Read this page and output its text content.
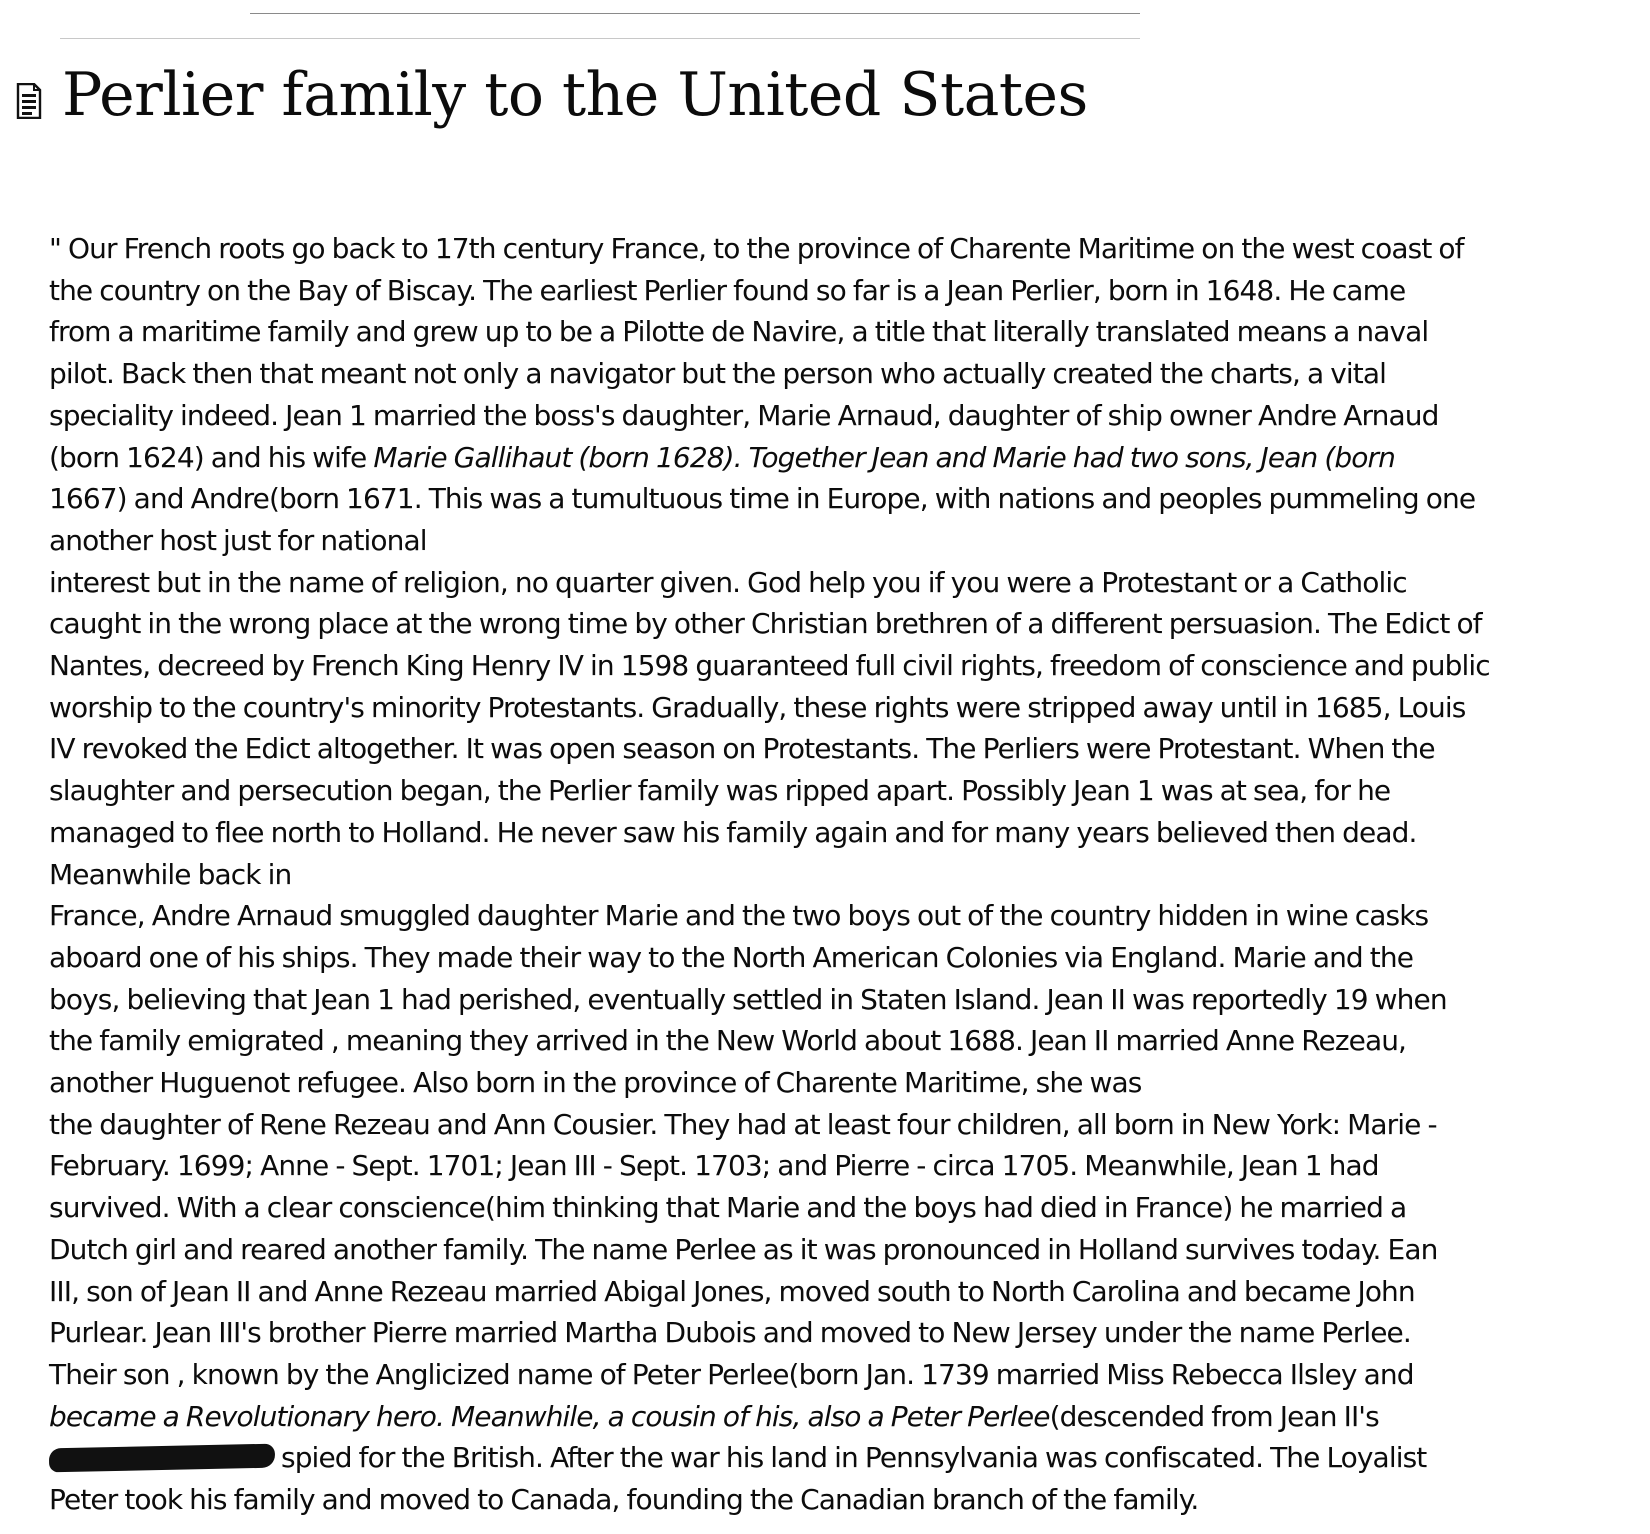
Perlier family to the United States
" Our French roots go back to 17th century France, to the province of Charente Maritime on the west coast of
the country on the Bay of Biscay. The earliest Perlier found so far is a Jean Perlier, born in 1648. He came
from a maritime family and grew up to be a Pilotte de Navire, a title that literally translated means a naval
pilot. Back then that meant not only a navigator but the person who actually created the charts, a vital
speciality indeed. Jean 1 married the boss's daughter, Marie Arnaud, daughter of ship owner Andre Arnaud
(born 1624) and his wife Marie Gallihaut (born 1628). Together Jean and Marie had two sons, Jean (born
1667) and Andre(born 1671. This was a tumultuous time in Europe, with nations and peoples pummeling one
another host just for national
interest but in the name of religion, no quarter given. God help you if you were a Protestant or a Catholic
caught in the wrong place at the wrong time by other Christian brethren of a different persuasion. The Edict of
Nantes, decreed by French King Henry IV in 1598 guaranteed full civil rights, freedom of conscience and public
worship to the country's minority Protestants. Gradually, these rights were stripped away until in 1685, Louis
IV revoked the Edict altogether. It was open season on Protestants. The Perliers were Protestant. When the
slaughter and persecution began, the Perlier family was ripped apart. Possibly Jean 1 was at sea, for he
managed to flee north to Holland. He never saw his family again and for many years believed then dead.
Meanwhile back in
France, Andre Arnaud smuggled daughter Marie and the two boys out of the country hidden in wine casks
aboard one of his ships. They made their way to the North American Colonies via England. Marie and the
boys, believing that Jean 1 had perished, eventually settled in Staten Island. Jean II was reportedly 19 when
the family emigrated , meaning they arrived in the New World about 1688. Jean II married Anne Rezeau,
another Huguenot refugee. Also born in the province of Charente Maritime, she was
the daughter of Rene Rezeau and Ann Cousier. They had at least four children, all born in New York: Marie -
February. 1699; Anne - Sept. 1701; Jean III - Sept. 1703; and Pierre - circa 1705. Meanwhile, Jean 1 had
survived. With a clear conscience(him thinking that Marie and the boys had died in France) he married a
Dutch girl and reared another family. The name Perlee as it was pronounced in Holland survives today. Ean
III, son of Jean II and Anne Rezeau married Abigal Jones, moved south to North Carolina and became John
Purlear. Jean III's brother Pierre married Martha Dubois and moved to New Jersey under the name Perlee.
Their son , known by the Anglicized name of Peter Perlee(born Jan. 1739 married Miss Rebecca Ilsley and
became a Revolutionary hero. Meanwhile, a cousin of his, also a Peter Perlee(descended from Jean II's
spied for the British. After the war his land in Pennsylvania was confiscated. The Loyalist
Peter took his family and moved to Canada, founding the Canadian branch of the family.
